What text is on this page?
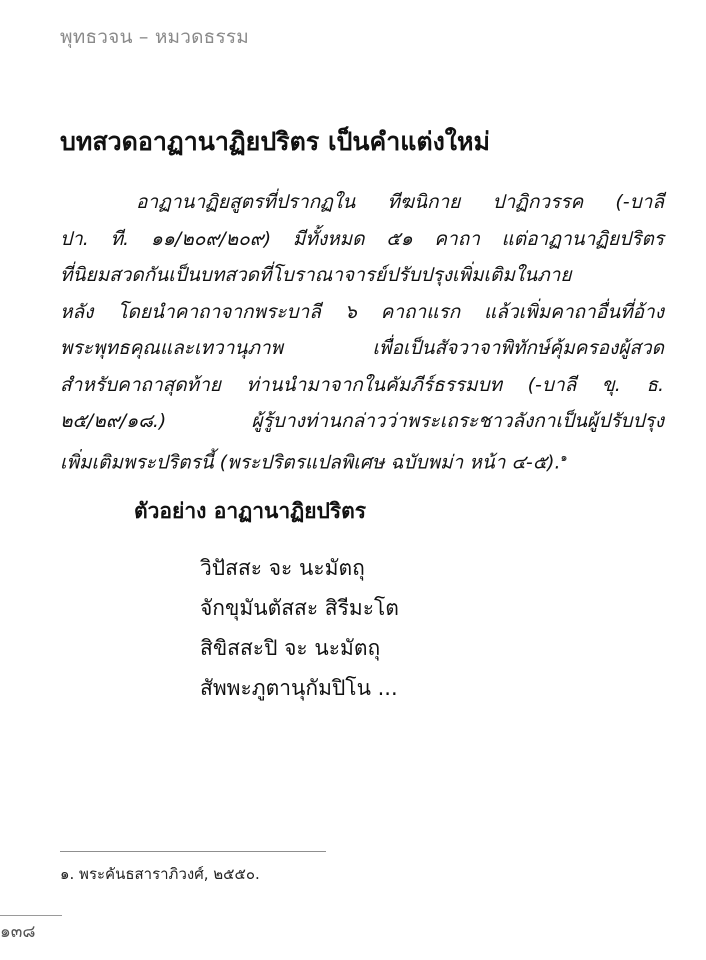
พุทธวจน – หมวดธรรม
บทสวดอาฏานาฏิยปริตร เป็นคำแต่งใหม่
อาฏานาฏิยสูตรที่ปรากฏใน ทีฆนิกาย ปาฏิกวรรค (-บาลี
ปา. ที. ๑๑/๒๐๙/๒๐๙) มีทั้งหมด ๕๑ คาถา แต่อาฏานาฏิยปริตร
ที่นิยมสวดกันเป็นบทสวดที่โบราณาจารย์ปรับปรุงเพิ่มเติมในภาย
หลัง โดยนำคาถาจากพระบาลี ๖ คาถาแรก แล้วเพิ่มคาถาอื่นที่อ้าง
พระพุทธคุณและเทวานุภาพ เพื่อเป็นสัจวาจาพิทักษ์คุ้มครองผู้สวด
สำหรับคาถาสุดท้าย ท่านนำมาจากในคัมภีร์ธรรมบท (-บาลี ขุ. ธ.
๒๕/๒๙/๑๘.) ผู้รู้บางท่านกล่าวว่าพระเถระชาวลังกาเป็นผู้ปรับปรุง
เพิ่มเติมพระปริตรนี้ (พระปริตรแปลพิเศษ ฉบับพม่า หน้า ๔-๕).$^๑$
ตัวอย่าง อาฏานาฏิยปริตร
วิปัสสะ จะ นะมัตถุ
จักขุมันตัสสะ สิรีมะโต
สิขิสสะปิ จะ นะมัตถุ
สัพพะภูตานุกัมปิโน ...
๑. พระคันธสาราภิวงศ์, ๒๕๕๐.
๑๓๘
